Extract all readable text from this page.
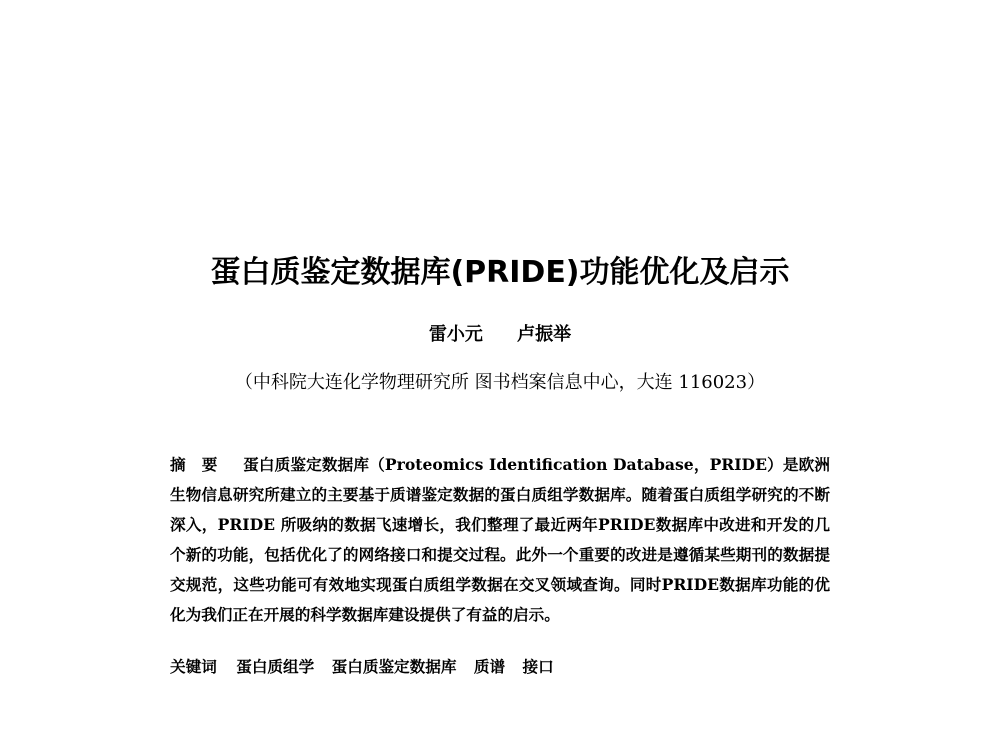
蛋白质鉴定数据库(PRIDE)功能优化及启示
雷小元 卢振举
（中科院大连化学物理研究所 图书档案信息中心，大连 116023）
摘要 蛋白质鉴定数据库（Proteomics Identification Database，PRIDE）是欧洲生物信息研究所建立的主要基于质谱鉴定数据的蛋白质组学数据库。随着蛋白质组学研究的不断深入，PRIDE 所吸纳的数据飞速增长，我们整理了最近两年PRIDE数据库中改进和开发的几个新的功能，包括优化了的网络接口和提交过程。此外一个重要的改进是遵循某些期刊的数据提交规范，这些功能可有效地实现蛋白质组学数据在交叉领域查询。同时PRIDE数据库功能的优化为我们正在开展的科学数据库建设提供了有益的启示。
关键词 蛋白质组学 蛋白质鉴定数据库 质谱 接口
